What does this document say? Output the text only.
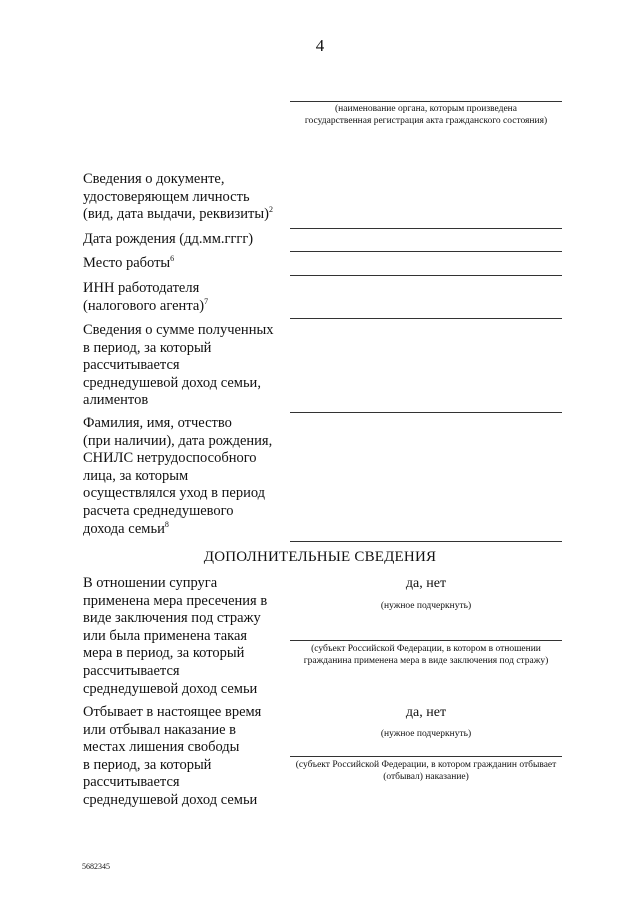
4
(наименование органа, которым произведена государственная регистрация акта гражданского состояния)
Сведения о документе,
удостоверяющем личность
(вид, дата выдачи, реквизиты)$^2$
Дата рождения (дд.мм.гггг)
Место работы$^6$
ИНН работодателя
(налогового агента)$^7$
Сведения о сумме полученных
в период, за который
рассчитывается
среднедушевой доход семьи,
алиментов
Фамилия, имя, отчество
(при наличии), дата рождения,
СНИЛС нетрудоспособного
лица, за которым
осуществлялся уход в период
расчета среднедушевого
дохода семьи$^8$
ДОПОЛНИТЕЛЬНЫЕ СВЕДЕНИЯ
В отношении супруга
применена мера пресечения в
виде заключения под стражу
или была применена такая
мера в период, за который
рассчитывается
среднедушевой доход семьи
да, нет
(нужное подчеркнуть)
(субъект Российской Федерации, в котором в отношении гражданина применена мера в виде заключения под стражу)
Отбывает в настоящее время
или отбывал наказание в
местах лишения свободы
в период, за который
рассчитывается
среднедушевой доход семьи
да, нет
(нужное подчеркнуть)
(субъект Российской Федерации, в котором гражданин отбывает (отбывал) наказание)
5682345
